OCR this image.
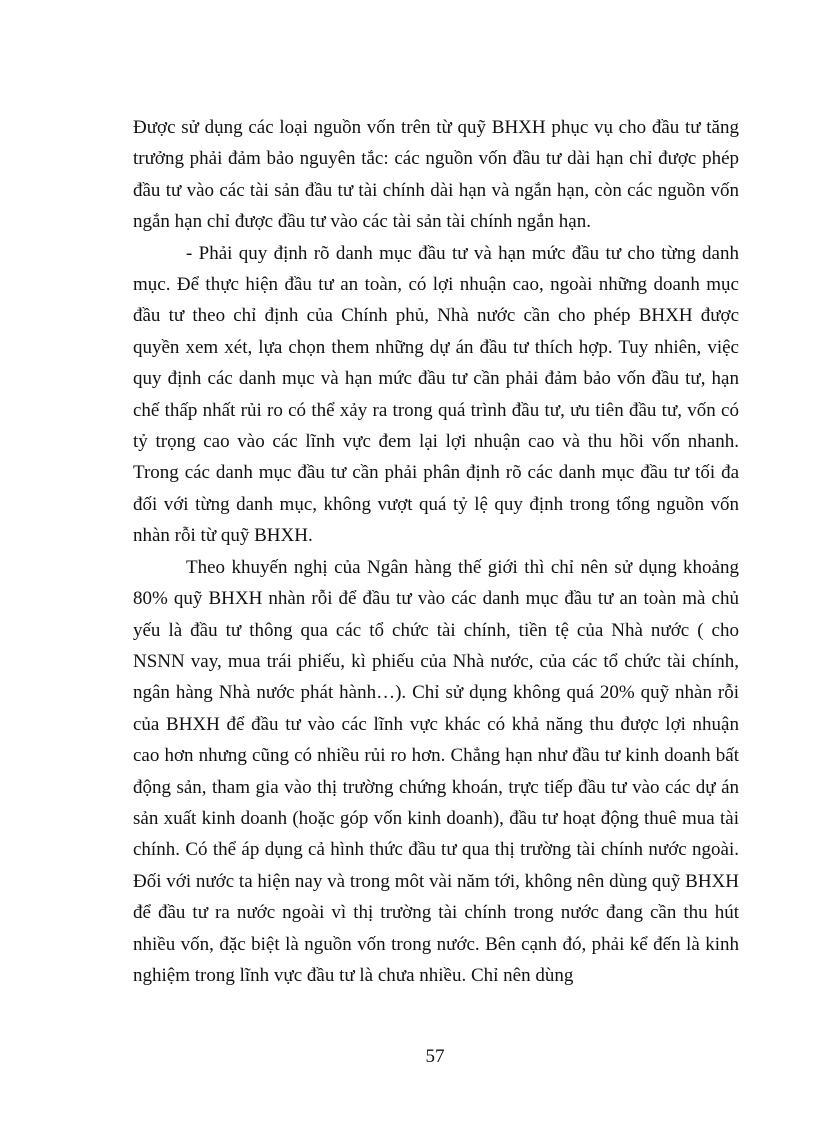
Được sử dụng các loại nguồn vốn trên từ quỹ BHXH phục vụ cho đầu tư tăng trưởng phải đảm bảo nguyên tắc: các nguồn vốn đầu tư dài hạn chỉ được phép đầu tư vào các tài sản đầu tư tài chính dài hạn và ngắn hạn, còn các nguồn vốn ngắn hạn chỉ được đầu tư vào các tài sản tài chính ngắn hạn.

- Phải quy định rõ danh mục đầu tư và hạn mức đầu tư cho từng danh mục. Để thực hiện đầu tư an toàn, có lợi nhuận cao, ngoài những doanh mục đầu tư theo chỉ định của Chính phủ, Nhà nước cần cho phép BHXH được quyền xem xét, lựa chọn them những dự án đầu tư thích hợp. Tuy nhiên, việc quy định các danh mục và hạn mức đầu tư cần phải đảm bảo vốn đầu tư, hạn chế thấp nhất rủi ro có thể xảy ra trong quá trình đầu tư, ưu tiên đầu tư, vốn có tỷ trọng cao vào các lĩnh vực đem lại lợi nhuận cao và thu hồi vốn nhanh. Trong các danh mục đầu tư cần phải phân định rõ các danh mục đầu tư tối đa đối với từng danh mục, không vượt quá tỷ lệ quy định trong tổng nguồn vốn nhàn rỗi từ quỹ BHXH.

Theo khuyến nghị của Ngân hàng thế giới thì chỉ nên sử dụng khoảng 80% quỹ BHXH nhàn rỗi để đầu tư vào các danh mục đầu tư an toàn mà chủ yếu là đầu tư thông qua các tổ chức tài chính, tiền tệ của Nhà nước ( cho NSNN vay, mua trái phiếu, kì phiếu của Nhà nước, của các tổ chức tài chính, ngân hàng Nhà nước phát hành…). Chỉ sử dụng không quá 20% quỹ nhàn rỗi của BHXH để đầu tư vào các lĩnh vực khác có khả năng thu được lợi nhuận cao hơn nhưng cũng có nhiều rủi ro hơn. Chẳng hạn như đầu tư kinh doanh bất động sản, tham gia vào thị trường chứng khoán, trực tiếp đầu tư vào các dự án sản xuất kinh doanh (hoặc góp vốn kinh doanh), đầu tư hoạt động thuê mua tài chính. Có thể áp dụng cả hình thức đầu tư qua thị trường tài chính nước ngoài. Đối với nước ta hiện nay và trong môt vài năm tới, không nên dùng quỹ BHXH để đầu tư ra nước ngoài vì thị trường tài chính trong nước đang cần thu hút nhiều vốn, đặc biệt là nguồn vốn trong nước. Bên cạnh đó, phải kể đến là kinh nghiệm trong lĩnh vực đầu tư là chưa nhiều. Chỉ nên dùng

57
